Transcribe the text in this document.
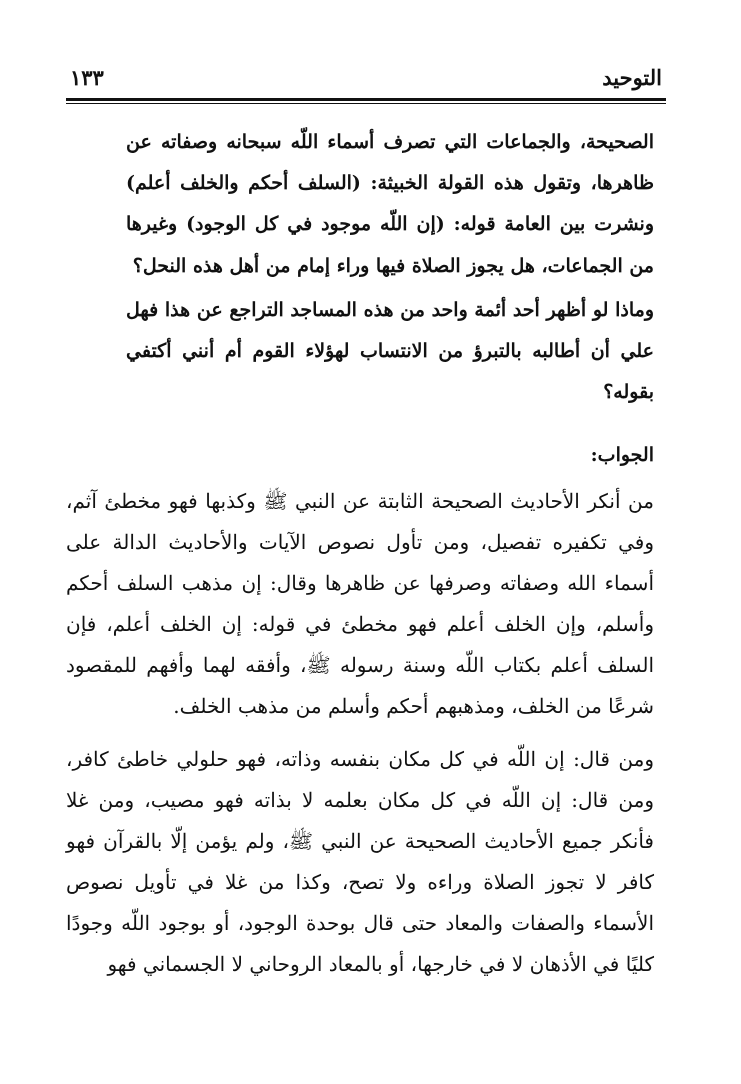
التوحيد
١٣٣

الصحيحة، والجماعات التي تصرف أسماء اللّه سبحانه وصفاته عن ظاهرها، وتقول هذه القولة الخبيثة: (السلف أحكم والخلف أعلم) ونشرت بين العامة قوله: (إن اللّه موجود في كل الوجود) وغيرها من الجماعات، هل يجوز الصلاة فيها وراء إمام من أهل هذه النحل؟

وماذا لو أظهر أحد أئمة واحد من هذه المساجد التراجع عن هذا فهل علي أن أطالبه بالتبرؤ من الانتساب لهؤلاء القوم أم أنني أكتفي بقوله؟

الجواب:

من أنكر الأحاديث الصحيحة الثابتة عن النبي ﷺ وكذبها فهو مخطئ آثم، وفي تكفيره تفصيل، ومن تأول نصوص الآيات والأحاديث الدالة على أسماء الله وصفاته وصرفها عن ظاهرها وقال: إن مذهب السلف أحكم وأسلم، وإن الخلف أعلم فهو مخطئ في قوله: إن الخلف أعلم، فإن السلف أعلم بكتاب اللّه وسنة رسوله ﷺ، وأفقه لهما وأفهم للمقصود شرعًا من الخلف، ومذهبهم أحكم وأسلم من مذهب الخلف.

ومن قال: إن اللّه في كل مكان بنفسه وذاته، فهو حلولي خاطئ كافر، ومن قال: إن اللّه في كل مكان بعلمه لا بذاته فهو مصيب، ومن غلا فأنكر جميع الأحاديث الصحيحة عن النبي ﷺ، ولم يؤمن إلّا بالقرآن فهو كافر لا تجوز الصلاة وراءه ولا تصح، وكذا من غلا في تأويل نصوص الأسماء والصفات والمعاد حتى قال بوحدة الوجود، أو بوجود اللّه وجودًا كليًا في الأذهان لا في خارجها، أو بالمعاد الروحاني لا الجسماني فهو
